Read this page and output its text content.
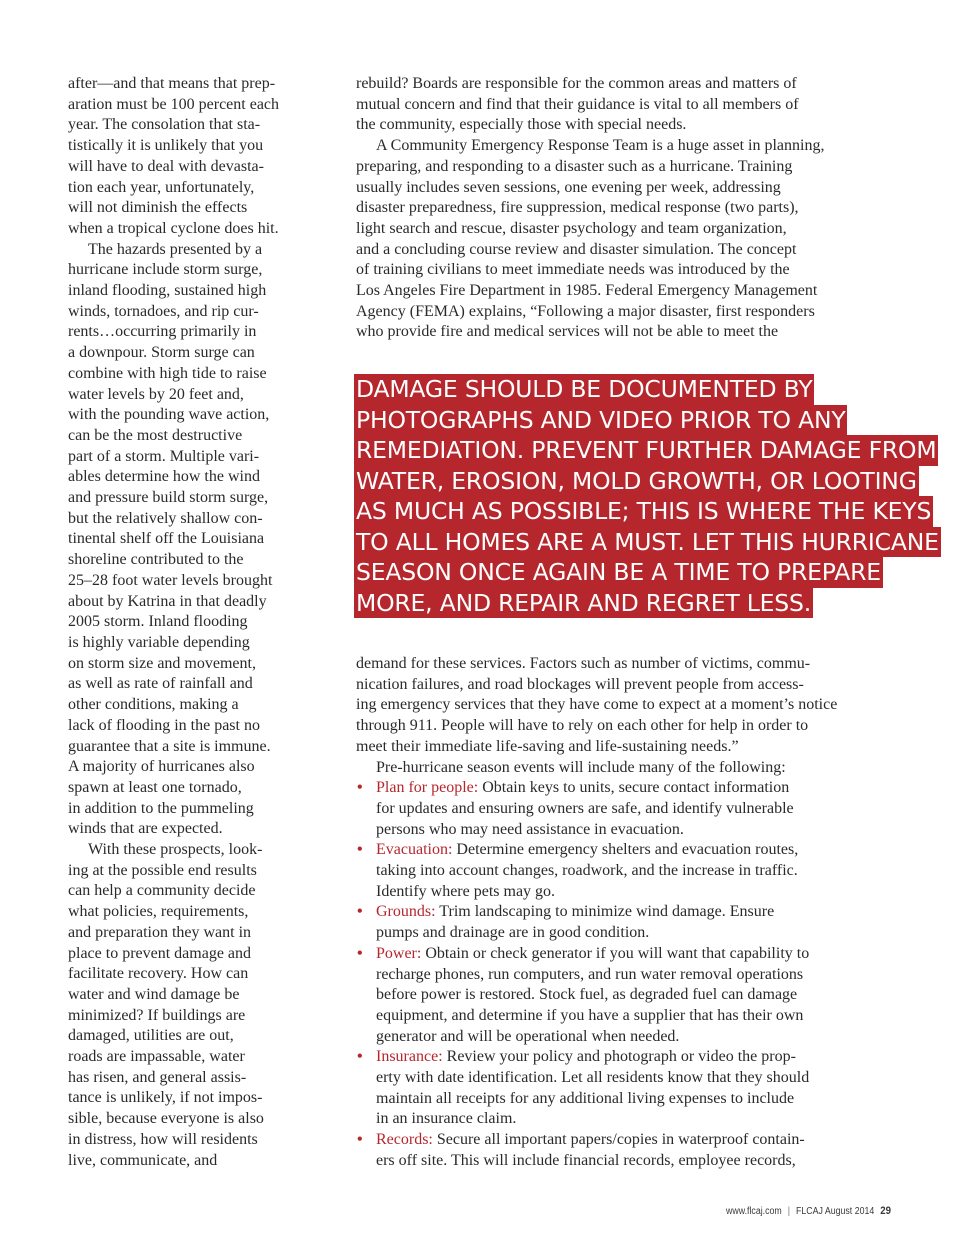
after—and that means that prep-
aration must be 100 percent each
year. The consolation that sta-
tistically it is unlikely that you
will have to deal with devasta-
tion each year, unfortunately,
will not diminish the effects
when a tropical cyclone does hit.
The hazards presented by a
hurricane include storm surge,
inland flooding, sustained high
winds, tornadoes, and rip cur-
rents…occurring primarily in
a downpour. Storm surge can
combine with high tide to raise
water levels by 20 feet and,
with the pounding wave action,
can be the most destructive
part of a storm. Multiple vari-
ables determine how the wind
and pressure build storm surge,
but the relatively shallow con-
tinental shelf off the Louisiana
shoreline contributed to the
25–28 foot water levels brought
about by Katrina in that deadly
2005 storm. Inland flooding
is highly variable depending
on storm size and movement,
as well as rate of rainfall and
other conditions, making a
lack of flooding in the past no
guarantee that a site is immune.
A majority of hurricanes also
spawn at least one tornado,
in addition to the pummeling
winds that are expected.
With these prospects, look-
ing at the possible end results
can help a community decide
what policies, requirements,
and preparation they want in
place to prevent damage and
facilitate recovery. How can
water and wind damage be
minimized? If buildings are
damaged, utilities are out,
roads are impassable, water
has risen, and general assis-
tance is unlikely, if not impos-
sible, because everyone is also
in distress, how will residents
live, communicate, and
rebuild? Boards are responsible for the common areas and matters of
mutual concern and find that their guidance is vital to all members of
the community, especially those with special needs.
A Community Emergency Response Team is a huge asset in planning,
preparing, and responding to a disaster such as a hurricane. Training
usually includes seven sessions, one evening per week, addressing
disaster preparedness, fire suppression, medical response (two parts),
light search and rescue, disaster psychology and team organization,
and a concluding course review and disaster simulation. The concept
of training civilians to meet immediate needs was introduced by the
Los Angeles Fire Department in 1985. Federal Emergency Management
Agency (FEMA) explains, “Following a major disaster, first responders
who provide fire and medical services will not be able to meet the
DAMAGE SHOULD BE DOCUMENTED BY
PHOTOGRAPHS AND VIDEO PRIOR TO ANY
REMEDIATION. PREVENT FURTHER DAMAGE FROM
WATER, EROSION, MOLD GROWTH, OR LOOTING
AS MUCH AS POSSIBLE; THIS IS WHERE THE KEYS
TO ALL HOMES ARE A MUST. LET THIS HURRICANE
SEASON ONCE AGAIN BE A TIME TO PREPARE
MORE, AND REPAIR AND REGRET LESS.
demand for these services. Factors such as number of victims, commu-
nication failures, and road blockages will prevent people from access-
ing emergency services that they have come to expect at a moment’s notice
through 911. People will have to rely on each other for help in order to
meet their immediate life-saving and life-sustaining needs.”
Pre-hurricane season events will include many of the following:
• Plan for people: Obtain keys to units, secure contact information
for updates and ensuring owners are safe, and identify vulnerable
persons who may need assistance in evacuation.
• Evacuation: Determine emergency shelters and evacuation routes,
taking into account changes, roadwork, and the increase in traffic.
Identify where pets may go.
• Grounds: Trim landscaping to minimize wind damage. Ensure
pumps and drainage are in good condition.
• Power: Obtain or check generator if you will want that capability to
recharge phones, run computers, and run water removal operations
before power is restored. Stock fuel, as degraded fuel can damage
equipment, and determine if you have a supplier that has their own
generator and will be operational when needed.
• Insurance: Review your policy and photograph or video the prop-
erty with date identification. Let all residents know that they should
maintain all receipts for any additional living expenses to include
in an insurance claim.
• Records: Secure all important papers/copies in waterproof contain-
ers off site. This will include financial records, employee records,
www.flcaj.com | FLCAJ August 2014 29
